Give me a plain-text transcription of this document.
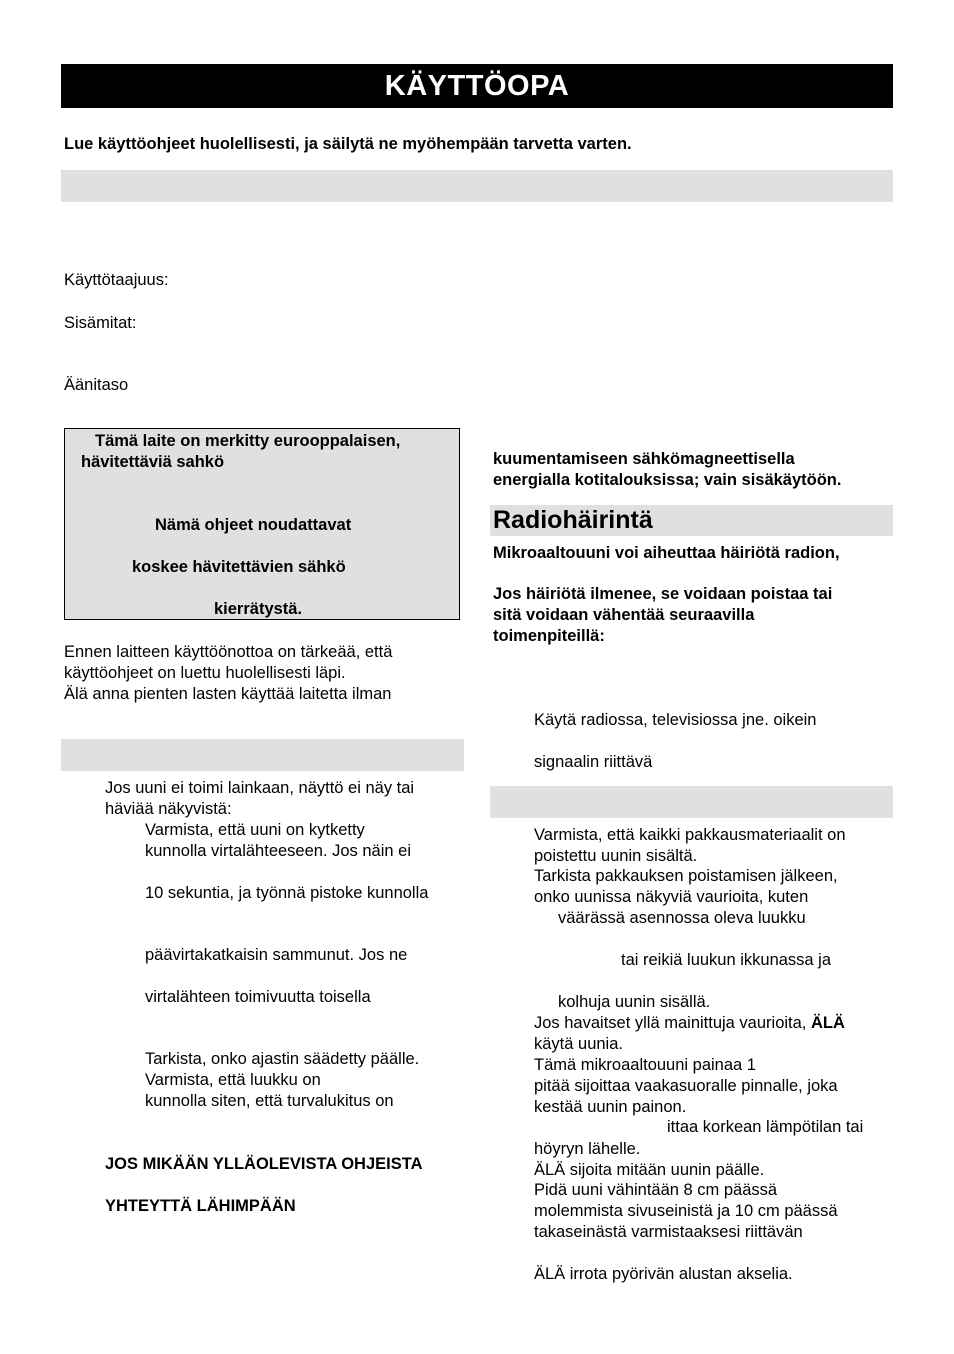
KÄYTTÖOPA
Lue käyttöohjeet huolellisesti, ja säilytä ne myöhempään tarvetta varten.
Käyttötaajuus:
Sisämitat:
Äänitaso
Tämä laite on merkitty eurooppalaisen,
hävitettäviä sahkö
Nämä ohjeet noudattavat
koskee hävitettävien sähkö
kierrätystä.
Ennen laitteen käyttöönottoa on tärkeää, että
käyttöohjeet on luettu huolellisesti läpi.
Älä anna pienten lasten käyttää laitetta ilman
Jos uuni ei toimi lainkaan, näyttö ei näy tai
häviää näkyvistä:
Varmista, että uuni on kytketty
kunnolla virtalähteeseen. Jos näin ei
10 sekuntia, ja työnnä pistoke kunnolla
päävirtakatkaisin sammunut. Jos ne
virtalähteen toimivuutta toisella
Tarkista, onko ajastin säädetty päälle.
Varmista, että luukku on
kunnolla siten, että turvalukitus on
JOS MIKÄÄN YLLÄOLEVISTA OHJEISTA
YHTEYTTÄ LÄHIMPÄÄN
kuumentamiseen sähkömagneettisella
energialla kotitalouksissa; vain sisäkäytöön.
Radiohäirintä
Mikroaaltouuni voi aiheuttaa häiriötä radion,
Jos häiriötä ilmenee, se voidaan poistaa tai
sitä voidaan vähentää seuraavilla
toimenpiteillä:
Käytä radiossa, televisiossa jne. oikein
signaalin riittävä
Varmista, että kaikki pakkausmateriaalit on
poistettu uunin sisältä.
Tarkista pakkauksen poistamisen jälkeen,
onko uunissa näkyviä vaurioita, kuten
väärässä asennossa oleva luukku
tai reikiä luukun ikkunassa ja
kolhuja uunin sisällä.
Jos havaitset yllä mainittuja vaurioita, ÄLÄ
käytä uunia.
Tämä mikroaaltouuni painaa 1
pitää sijoittaa vaakasuoralle pinnalle, joka
kestää uunin painon.
ittaa korkean lämpötilan tai
höyryn lähelle.
ÄLÄ sijoita mitään uunin päälle.
Pidä uuni vähintään 8 cm päässä
molemmista sivuseinistä ja 10 cm päässä
takaseinästä varmistaaksesi riittävän
ÄLÄ irrota pyörivän alustan akselia.
